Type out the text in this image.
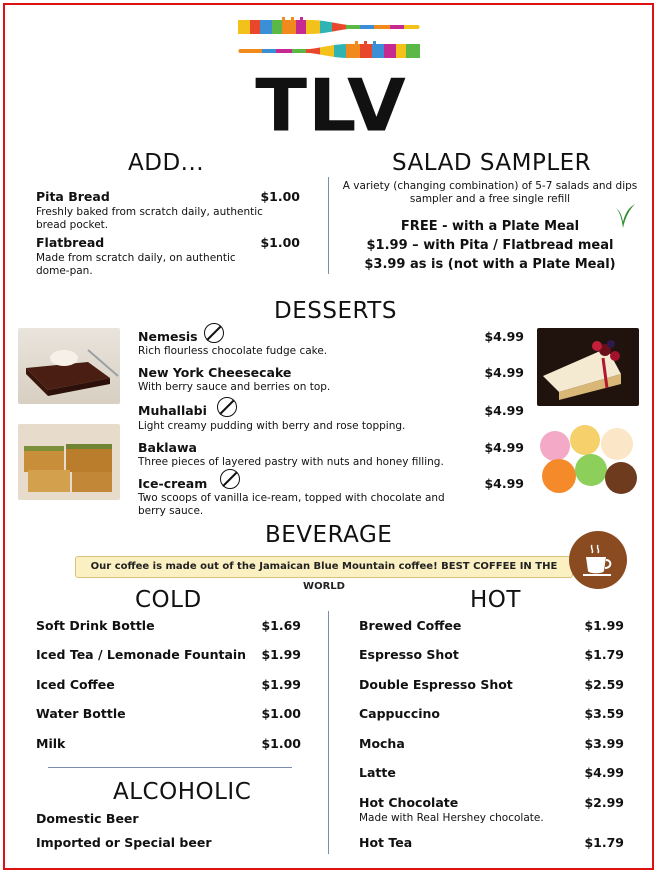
TLV
ADD...
Pita Bread	$1.00
Freshly baked from scratch daily, authentic bread pocket.
Flatbread	$1.00
Made from scratch daily, on authentic dome-pan.
SALAD SAMPLER
A variety (changing combination) of 5-7 salads and dips sampler and a free single refill
FREE - with a Plate Meal
$1.99 – with Pita / Flatbread meal
$3.99 as is (not with a Plate Meal)
DESSERTS
Nemesis	$4.99
Rich flourless chocolate fudge cake.
New York Cheesecake	$4.99
With berry sauce and berries on top.
Muhallabi	$4.99
Light creamy pudding with berry and rose topping.
Baklawa	$4.99
Three pieces of layered pastry with nuts and honey filling.
Ice-cream	$4.99
Two scoops of vanilla ice-ream, topped with chocolate and berry sauce.
BEVERAGE
Our coffee is made out of the Jamaican Blue Mountain coffee! BEST COFFEE IN THE WORLD
COLD
Soft Drink Bottle	$1.69
Iced Tea / Lemonade Fountain	$1.99
Iced Coffee	$1.99
Water Bottle	$1.00
Milk	$1.00
ALCOHOLIC
Domestic Beer
Imported or Special beer
HOT
Brewed Coffee	$1.99
Espresso Shot	$1.79
Double Espresso Shot	$2.59
Cappuccino	$3.59
Mocha	$3.99
Latte	$4.99
Hot Chocolate	$2.99
Made with Real Hershey chocolate.
Hot Tea	$1.79
